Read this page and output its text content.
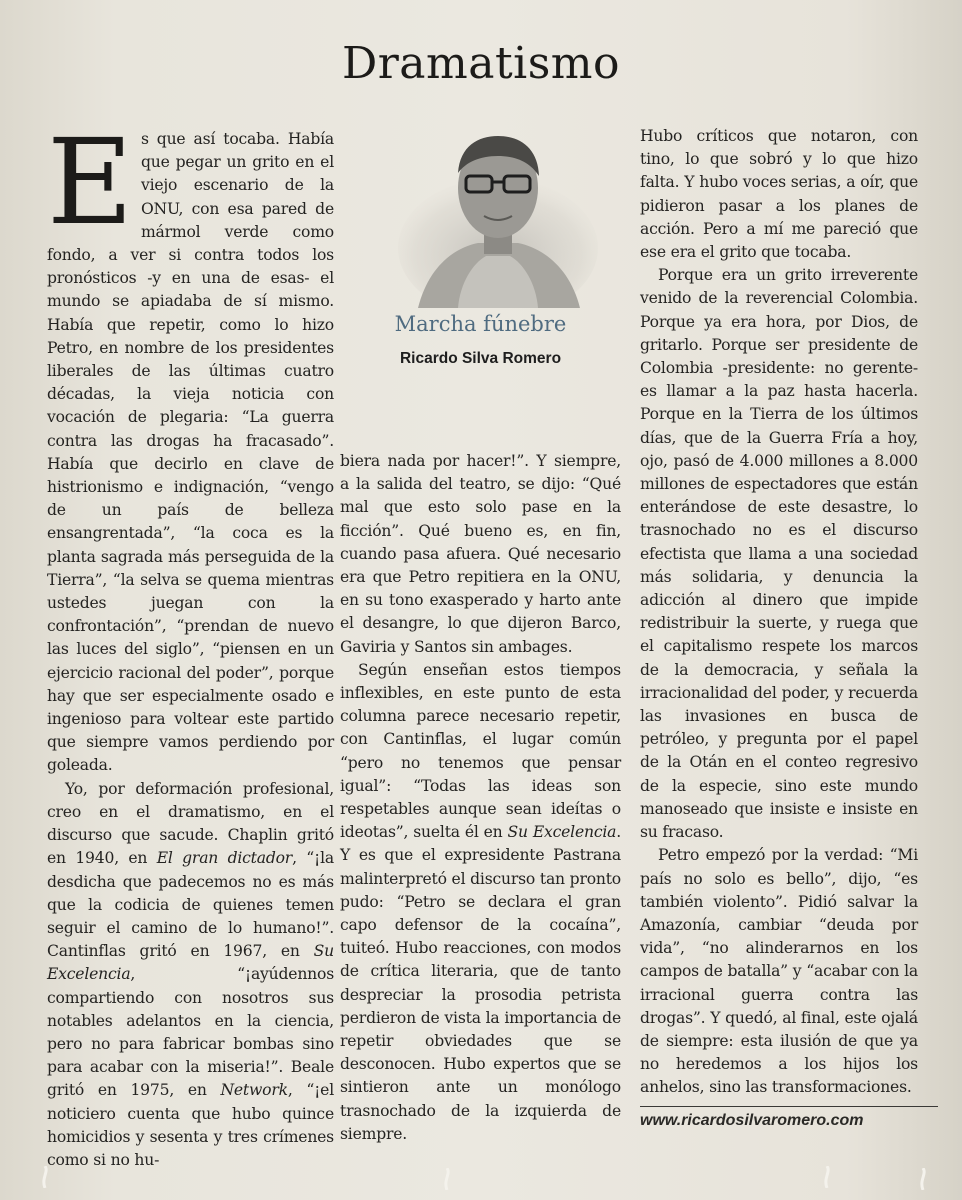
Dramatismo

Es que así tocaba. Había que pegar un grito en el viejo escenario de la ONU, con esa pared de mármol verde como fondo, a ver si contra todos los pronósticos -y en una de esas- el mundo se apiadaba de sí mismo. Había que repetir, como lo hizo Petro, en nombre de los presidentes liberales de las últimas cuatro décadas, la vieja noticia con vocación de plegaria: “La guerra contra las drogas ha fracasado”. Había que decirlo en clave de histrionismo e indignación, “vengo de un país de belleza ensangrentada”, “la coca es la planta sagrada más perseguida de la Tierra”, “la selva se quema mientras ustedes juegan con la confrontación”, “prendan de nuevo las luces del siglo”, “piensen en un ejercicio racional del poder”, porque hay que ser especialmente osado e ingenioso para voltear este partido que siempre vamos perdiendo por goleada.

Yo, por deformación profesional, creo en el dramatismo, en el discurso que sacude. Chaplin gritó en 1940, en El gran dictador, “¡la desdicha que padecemos no es más que la codicia de quienes temen seguir el camino de lo humano!”. Cantinflas gritó en 1967, en Su Excelencia, “¡ayúdennos compartiendo con nosotros sus notables adelantos en la ciencia, pero no para fabricar bombas sino para acabar con la miseria!”. Beale gritó en 1975, en Network, “¡el noticiero cuenta que hubo quince homicidios y sesenta y tres crímenes como si no hu-

Marcha fúnebre
Ricardo Silva Romero

biera nada por hacer!”. Y siempre, a la salida del teatro, se dijo: “Qué mal que esto solo pase en la ficción”. Qué bueno es, en fin, cuando pasa afuera. Qué necesario era que Petro repitiera en la ONU, en su tono exasperado y harto ante el desangre, lo que dijeron Barco, Gaviria y Santos sin ambages.

Según enseñan estos tiempos inflexibles, en este punto de esta columna parece necesario repetir, con Cantinflas, el lugar común “pero no tenemos que pensar igual”: “Todas las ideas son respetables aunque sean ideítas o ideotas”, suelta él en Su Excelencia. Y es que el expresidente Pastrana malinterpretó el discurso tan pronto pudo: “Petro se declara el gran capo defensor de la cocaína”, tuiteó. Hubo reacciones, con modos de crítica literaria, que de tanto despreciar la prosodia petrista perdieron de vista la importancia de repetir obviedades que se desconocen. Hubo expertos que se sintieron ante un monólogo trasnochado de la izquierda de siempre.

Hubo críticos que notaron, con tino, lo que sobró y lo que hizo falta. Y hubo voces serias, a oír, que pidieron pasar a los planes de acción. Pero a mí me pareció que ese era el grito que tocaba.

Porque era un grito irreverente venido de la reverencial Colombia. Porque ya era hora, por Dios, de gritarlo. Porque ser presidente de Colombia -presidente: no gerente- es llamar a la paz hasta hacerla. Porque en la Tierra de los últimos días, que de la Guerra Fría a hoy, ojo, pasó de 4.000 millones a 8.000 millones de espectadores que están enterándose de este desastre, lo trasnochado no es el discurso efectista que llama a una sociedad más solidaria, y denuncia la adicción al dinero que impide redistribuir la suerte, y ruega que el capitalismo respete los marcos de la democracia, y señala la irracionalidad del poder, y recuerda las invasiones en busca de petróleo, y pregunta por el papel de la Otán en el conteo regresivo de la especie, sino este mundo manoseado que insiste e insiste en su fracaso.

Petro empezó por la verdad: “Mi país no solo es bello”, dijo, “es también violento”. Pidió salvar la Amazonía, cambiar “deuda por vida”, “no alinderarnos en los campos de batalla” y “acabar con la irracional guerra contra las drogas”. Y quedó, al final, este ojalá de siempre: esta ilusión de que ya no heredemos a los hijos los anhelos, sino las transformaciones.

www.ricardosilvaromero.com
